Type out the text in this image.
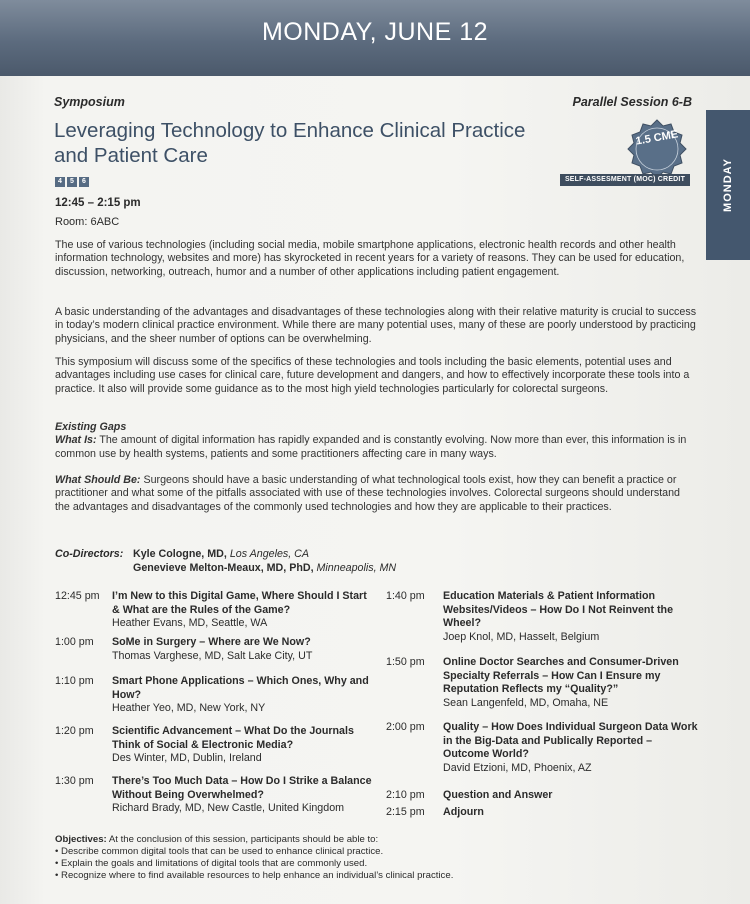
MONDAY, JUNE 12
MONDAY
Symposium	Parallel Session 6-B
Leveraging Technology to Enhance Clinical Practice and Patient Care
1.5 CME
SELF-ASSESMENT (MOC) CREDIT
4	5	6
12:45 – 2:15 pm
Room: 6ABC

The use of various technologies (including social media, mobile smartphone applications, electronic health records and other health information technology, websites and more) has skyrocketed in recent years for a variety of reasons. They can be used for education, discussion, networking, outreach, humor and a number of other applications including patient engagement.

A basic understanding of the advantages and disadvantages of these technologies along with their relative maturity is crucial to success in today’s modern clinical practice environment. While there are many potential uses, many of these are poorly understood by practicing physicians, and the sheer number of options can be overwhelming.

This symposium will discuss some of the specifics of these technologies and tools including the basic elements, potential uses and advantages including use cases for clinical care, future development and dangers, and how to effectively incorporate these tools into a practice. It also will provide some guidance as to the most high yield technologies particularly for colorectal surgeons.

Existing Gaps
What Is: The amount of digital information has rapidly expanded and is constantly evolving. Now more than ever, this information is in common use by health systems, patients and some practitioners affecting care in many ways.
What Should Be: Surgeons should have a basic understanding of what technological tools exist, how they can benefit a practice or practitioner and what some of the pitfalls associated with use of these technologies involves. Colorectal surgeons should understand the advantages and disadvantages of the commonly used technologies and how they are applicable to their practices.
Co-Directors: Kyle Cologne, MD, Los Angeles, CA
Genevieve Melton-Meaux, MD, PhD, Minneapolis, MN
12:45 pm	I’m New to this Digital Game, Where Should I Start & What are the Rules of the Game?
Heather Evans, MD, Seattle, WA
1:00 pm	SoMe in Surgery – Where are We Now?
Thomas Varghese, MD, Salt Lake City, UT
1:10 pm	Smart Phone Applications – Which Ones, Why and How?
Heather Yeo, MD, New York, NY
1:20 pm	Scientific Advancement – What Do the Journals Think of Social & Electronic Media?
Des Winter, MD, Dublin, Ireland
1:30 pm	There’s Too Much Data – How Do I Strike a Balance Without Being Overwhelmed?
Richard Brady, MD, New Castle, United Kingdom
1:40 pm	Education Materials & Patient Information Websites/Videos – How Do I Not Reinvent the Wheel?
Joep Knol, MD, Hasselt, Belgium
1:50 pm	Online Doctor Searches and Consumer-Driven Specialty Referrals – How Can I Ensure my Reputation Reflects my “Quality?”
Sean Langenfeld, MD, Omaha, NE
2:00 pm	Quality – How Does Individual Surgeon Data Work in the Big-Data and Publically Reported – Outcome World?
David Etzioni, MD, Phoenix, AZ
2:10 pm	Question and Answer
2:15 pm	Adjourn
Objectives: At the conclusion of this session, participants should be able to:
• Describe common digital tools that can be used to enhance clinical practice.
• Explain the goals and limitations of digital tools that are commonly used.
• Recognize where to find available resources to help enhance an individual’s clinical practice.
